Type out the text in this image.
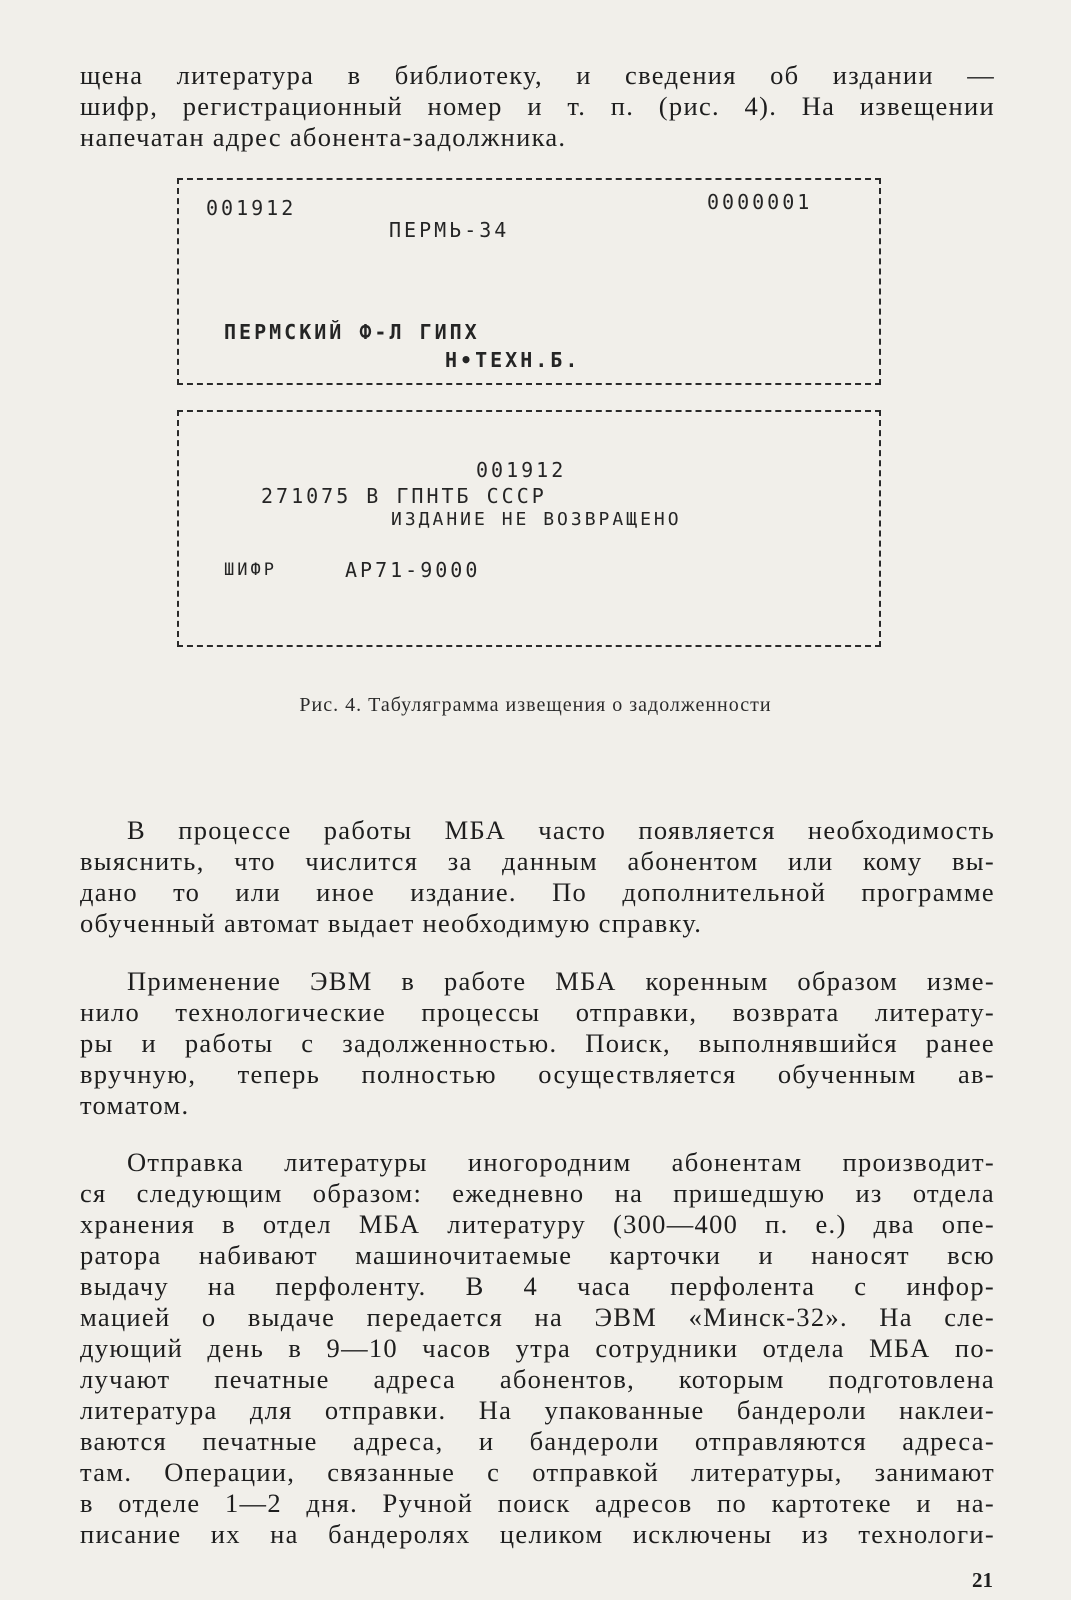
щена литература в библиотеку, и сведения об издании —
шифр, регистрационный номер и т. п. (рис. 4). На извещении
напечатан адрес абонента-задолжника.
001912	0000001
ПЕРМЬ-34
ПЕРМСКИЙ Ф-Л ГИПХ
Н•ТЕХН.Б.
001912
271075 В ГПНТБ СССР
ИЗДАНИЕ НЕ ВОЗВРАЩЕНО
ШИФР	АР71-9000
Рис. 4. Табуляграмма извещения о задолженности
В процессе работы МБА часто появляется необходимость
выяснить, что числится за данным абонентом или кому вы-
дано то или иное издание. По дополнительной программе
обученный автомат выдает необходимую справку.
Применение ЭВМ в работе МБА коренным образом изме-
нило технологические процессы отправки, возврата литерату-
ры и работы с задолженностью. Поиск, выполнявшийся ранее
вручную, теперь полностью осуществляется обученным ав-
томатом.
Отправка литературы иногородним абонентам производит-
ся следующим образом: ежедневно на пришедшую из отдела
хранения в отдел МБА литературу (300—400 п. е.) два опе-
ратора набивают машиночитаемые карточки и наносят всю
выдачу на перфоленту. В 4 часа перфолента с инфор-
мацией о выдаче передается на ЭВМ «Минск-32». На сле-
дующий день в 9—10 часов утра сотрудники отдела МБА по-
лучают печатные адреса абонентов, которым подготовлена
литература для отправки. На упакованные бандероли наклеи-
ваются печатные адреса, и бандероли отправляются адреса-
там. Операции, связанные с отправкой литературы, занимают
в отделе 1—2 дня. Ручной поиск адресов по картотеке и на-
писание их на бандеролях целиком исключены из технологи-
21
